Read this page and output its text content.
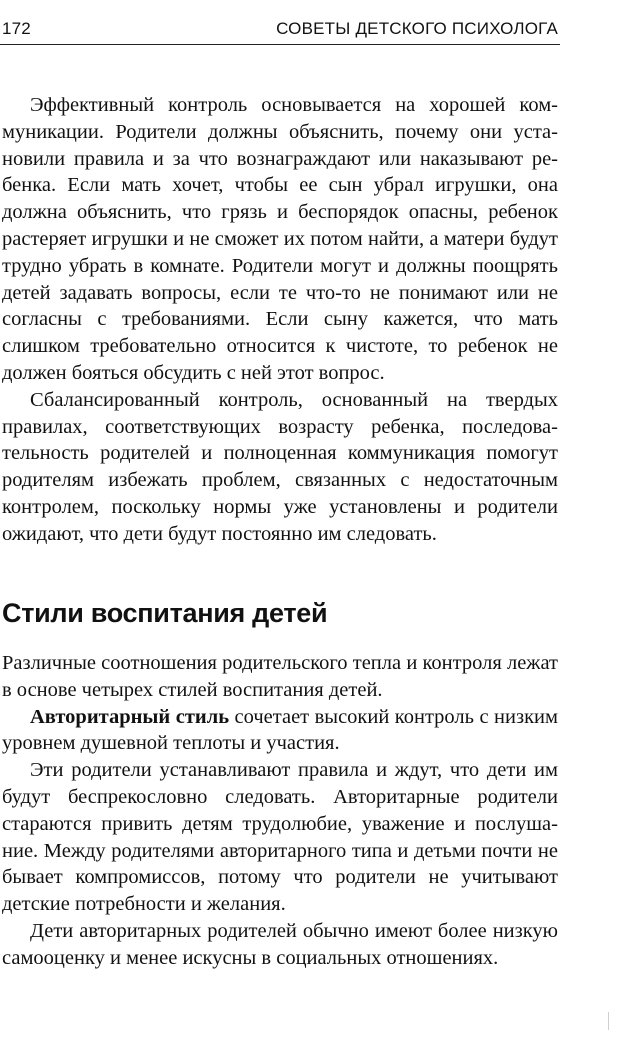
172	СОВЕТЫ ДЕТСКОГО ПСИХОЛОГА

Эффективный контроль основывается на хорошей коммуникации. Родители должны объяснить, почему они установили правила и за что вознаграждают или наказывают ребенка. Если мать хочет, чтобы ее сын убрал игрушки, она должна объяснить, что грязь и беспорядок опасны, ребенок растеряет игрушки и не сможет их потом найти, а матери будут трудно убрать в комнате. Родители могут и должны поощрять детей задавать вопросы, если те что-то не понимают или не согласны с требованиями. Если сыну кажется, что мать слишком требовательно относится к чистоте, то ребенок не должен бояться обсудить с ней этот вопрос.

Сбалансированный контроль, основанный на твердых правилах, соответствующих возрасту ребенка, последовательность родителей и полноценная коммуникация помогут родителям избежать проблем, связанных с недостаточным контролем, поскольку нормы уже установлены и родители ожидают, что дети будут постоянно им следовать.

Стили воспитания детей

Различные соотношения родительского тепла и контроля лежат в основе четырех стилей воспитания детей.

Авторитарный стиль сочетает высокий контроль с низким уровнем душевной теплоты и участия.

Эти родители устанавливают правила и ждут, что дети им будут беспрекословно следовать. Авторитарные родители стараются привить детям трудолюбие, уважение и послушание. Между родителями авторитарного типа и детьми почти не бывает компромиссов, потому что родители не учитывают детские потребности и желания.

Дети авторитарных родителей обычно имеют более низкую самооценку и менее искусны в социальных отношениях.
